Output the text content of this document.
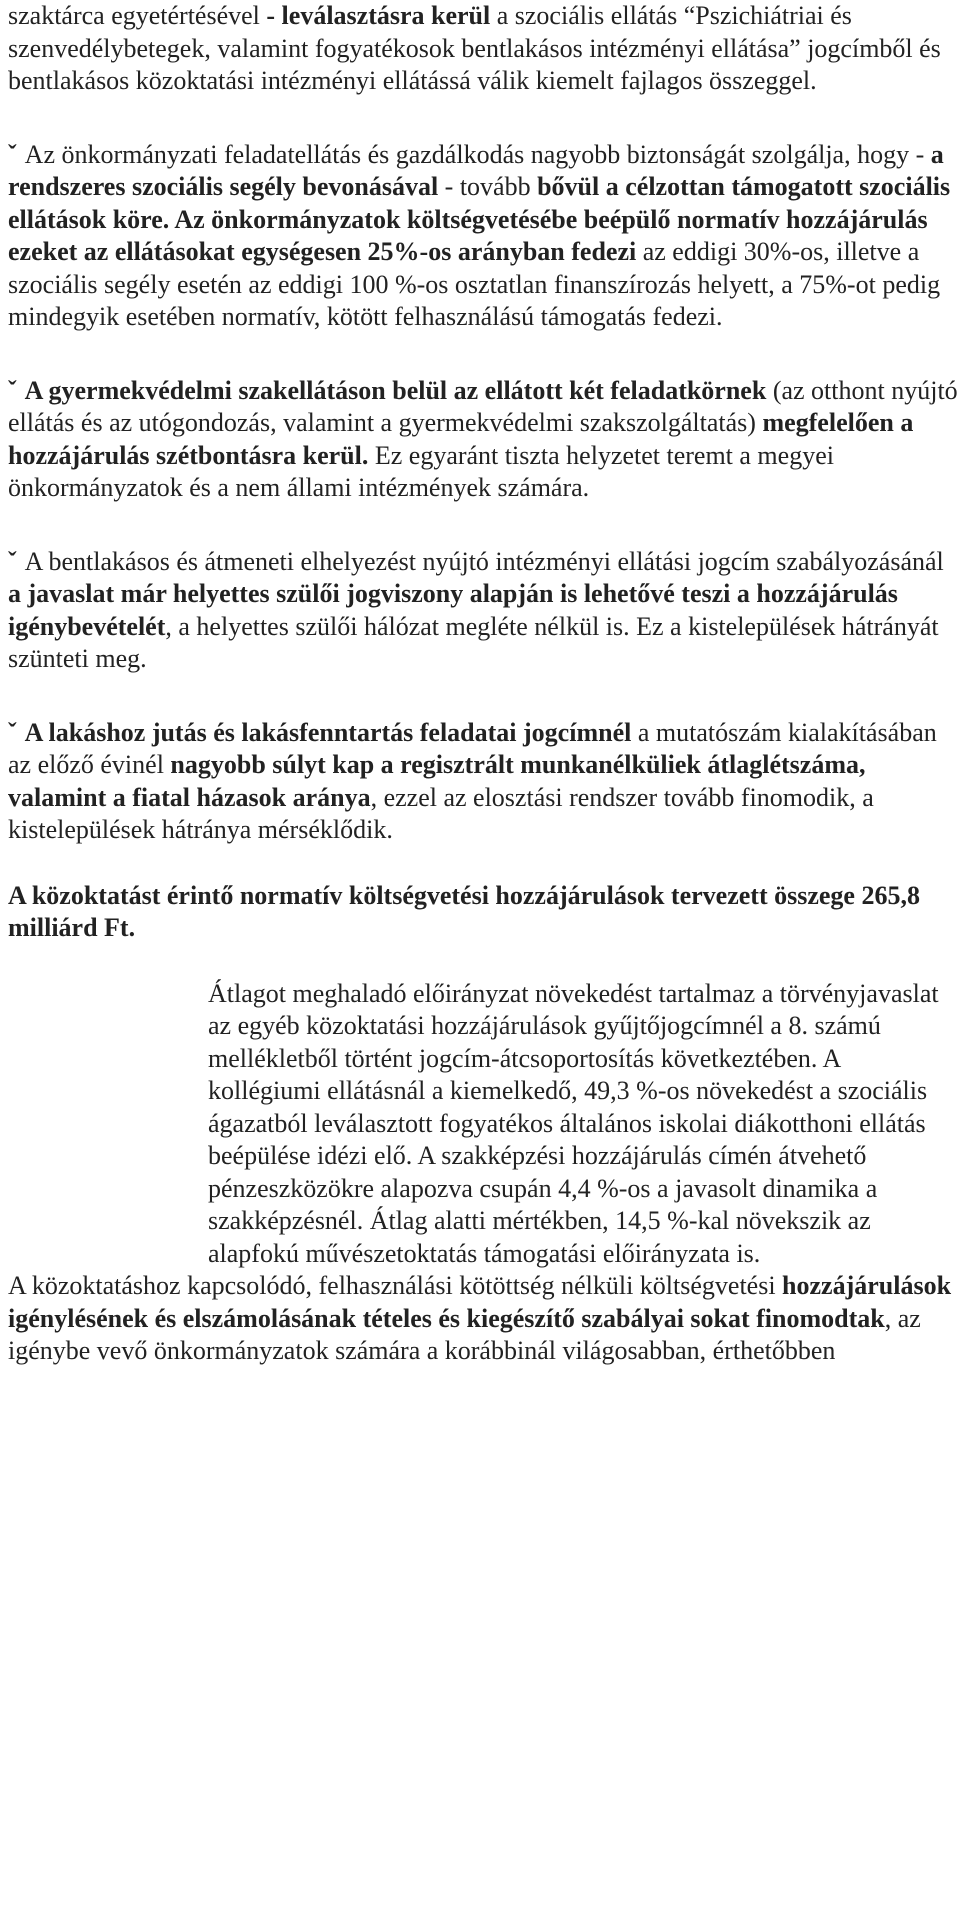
szaktárca egyetértésével - leválasztásra kerül a szociális ellátás “Pszichiátriai és szenvedélybetegek, valamint fogyatékosok bentlakásos intézményi ellátása” jogcímből és bentlakásos közoktatási intézményi ellátássá válik kiemelt fajlagos összeggel.

ˇ Az önkormányzati feladatellátás és gazdálkodás nagyobb biztonságát szolgálja, hogy - a rendszeres szociális segély bevonásával - tovább bővül a célzottan támogatott szociális ellátások köre. Az önkormányzatok költségvetésébe beépülő normatív hozzájárulás ezeket az ellátásokat egységesen 25%-os arányban fedezi az eddigi 30%-os, illetve a szociális segély esetén az eddigi 100 %-os osztatlan finanszírozás helyett, a 75%-ot pedig mindegyik esetében normatív, kötött felhasználású támogatás fedezi.

ˇ A gyermekvédelmi szakellátáson belül az ellátott két feladatkörnek (az otthont nyújtó ellátás és az utógondozás, valamint a gyermekvédelmi szakszolgáltatás) megfelelően a hozzájárulás szétbontásra kerül. Ez egyaránt tiszta helyzetet teremt a megyei önkormányzatok és a nem állami intézmények számára.

ˇ A bentlakásos és átmeneti elhelyezést nyújtó intézményi ellátási jogcím szabályozásánál a javaslat már helyettes szülői jogviszony alapján is lehetővé teszi a hozzájárulás igénybevételét, a helyettes szülői hálózat megléte nélkül is. Ez a kistelepülések hátrányát szünteti meg.

ˇ A lakáshoz jutás és lakásfenntartás feladatai jogcímnél a mutatószám kialakításában az előző évinél nagyobb súlyt kap a regisztrált munkanélküliek átlaglétszáma, valamint a fiatal házasok aránya, ezzel az elosztási rendszer tovább finomodik, a kistelepülések hátránya mérséklődik.

A közoktatást érintő normatív költségvetési hozzájárulások tervezett összege 265,8 milliárd Ft.

Átlagot meghaladó előirányzat növekedést tartalmaz a törvényjavaslat az egyéb közoktatási hozzájárulások gyűjtőjogcímnél a 8. számú mellékletből történt jogcím-átcsoportosítás következtében. A kollégiumi ellátásnál a kiemelkedő, 49,3 %-os növekedést a szociális ágazatból leválasztott fogyatékos általános iskolai diákotthoni ellátás beépülése idézi elő. A szakképzési hozzájárulás címén átvehető pénzeszközökre alapozva csupán 4,4 %-os a javasolt dinamika a szakképzésnél. Átlag alatti mértékben, 14,5 %-kal növekszik az alapfokú művészetoktatás támogatási előirányzata is.

A közoktatáshoz kapcsolódó, felhasználási kötöttség nélküli költségvetési hozzájárulások igénylésének és elszámolásának tételes és kiegészítő szabályai sokat finomodtak, az igénybe vevő önkormányzatok számára a korábbinál világosabban, érthetőbben
